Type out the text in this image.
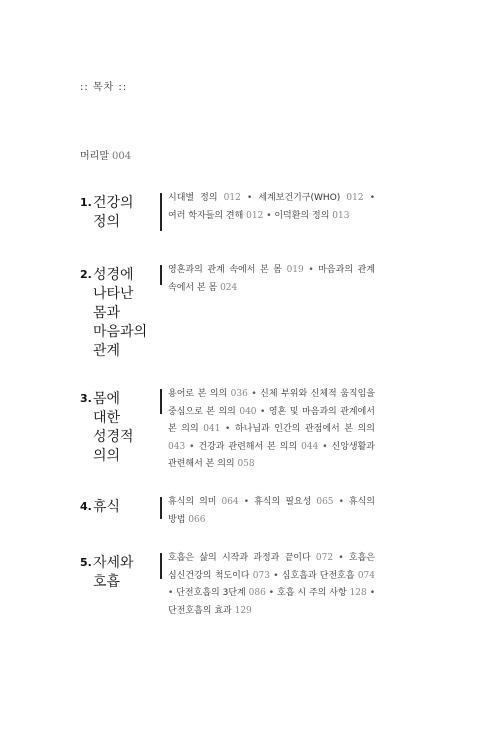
:: 목차 ::
머리말 004
1. 건강의
정의
시대별 정의 012 • 세계보건기구(WHO) 012 • 여러 학자들의 견해 012 • 이덕환의 정의 013
2. 성경에
나타난
몸과
마음과의
관계
영혼과의 관계 속에서 본 몸 019 • 마음과의 관계 속에서 본 몸 024
3. 몸에
대한
성경적
의의
용어로 본 의의 036 • 신체 부위와 신체적 움직임을 중심으로 본 의의 040 • 영혼 및 마음과의 관계에서 본 의의 041 • 하나님과 인간의 관점에서 본 의의 043 • 건강과 관련해서 본 의의 044 • 신앙생활과 관련해서 본 의의 058
4. 휴식	휴식의 의미 064 • 휴식의 필요성 065 • 휴식의 방법 066
5. 자세와
호흡
호흡은 삶의 시작과 과정과 끝이다 072 • 호흡은 심신건강의 척도이다 073 • 심호흡과 단전호흡 074 • 단전호흡의 3단계 086 • 호흡 시 주의 사항 128 • 단전호흡의 효과 129
